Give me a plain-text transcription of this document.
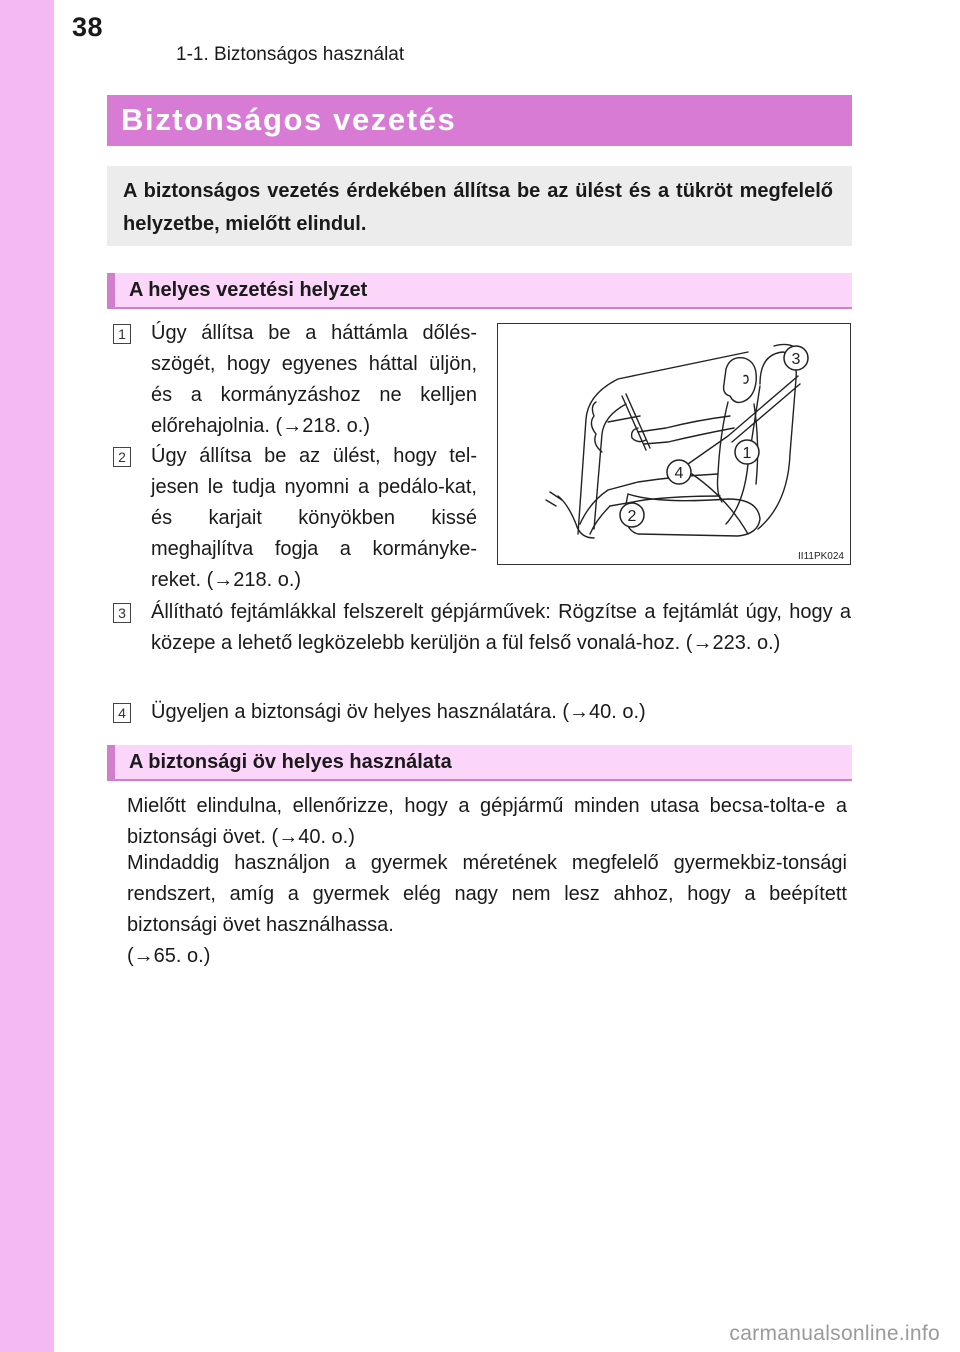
38
1-1. Biztonságos használat
Biztonságos vezetés
A biztonságos vezetés érdekében állítsa be az ülést és a tükröt megfelelő helyzetbe, mielőtt elindul.
A helyes vezetési helyzet
1 Úgy állítsa be a háttámla dőlés-szögét, hogy egyenes háttal üljön, és a kormányzáshoz ne kelljen előrehajolnia. (→218. o.)
2 Úgy állítsa be az ülést, hogy tel-jesen le tudja nyomni a pedálo-kat, és karjait könyökben kissé meghajlítva fogja a kormányke-reket. (→218. o.)
3
1
4
2
II11PK024
3 Állítható fejtámlákkal felszerelt gépjárművek: Rögzítse a fejtámlát úgy, hogy a közepe a lehető legközelebb kerüljön a fül felső vonalá-hoz. (→223. o.)
4 Ügyeljen a biztonsági öv helyes használatára. (→40. o.)
A biztonsági öv helyes használata
Mielőtt elindulna, ellenőrizze, hogy a gépjármű minden utasa becsa-tolta-e a biztonsági övet. (→40. o.)
Mindaddig használjon a gyermek méretének megfelelő gyermekbiz-tonsági rendszert, amíg a gyermek elég nagy nem lesz ahhoz, hogy a beépített biztonsági övet használhassa.
(→65. o.)
carmanualsonline.info
